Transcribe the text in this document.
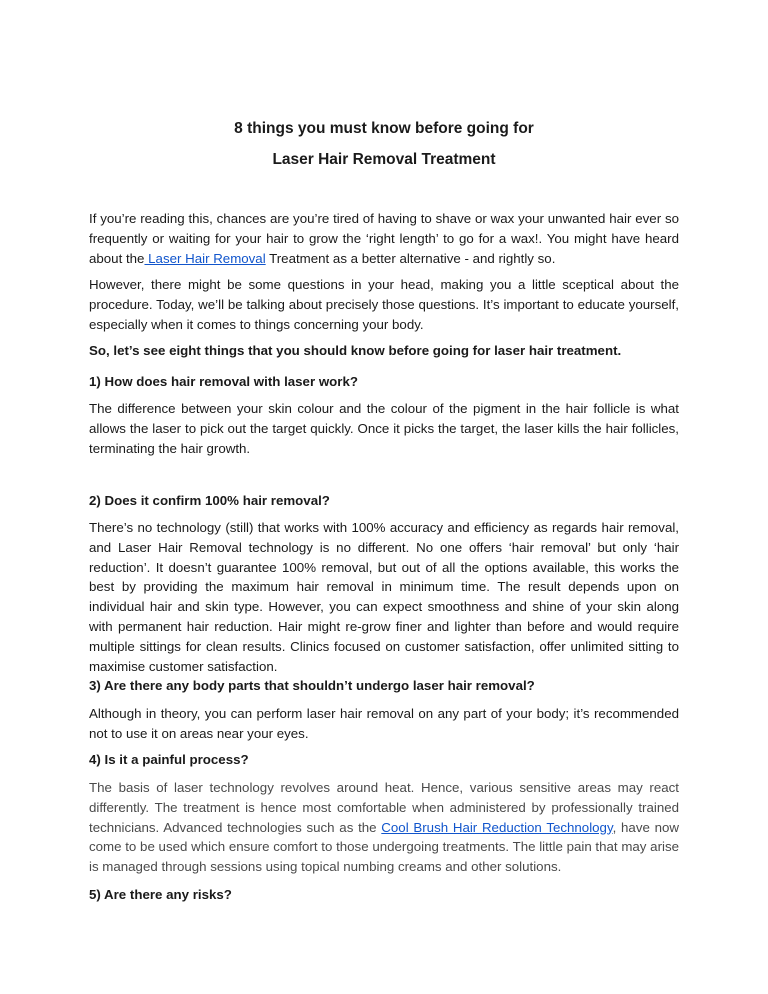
8 things you must know before going for
Laser Hair Removal Treatment

If you’re reading this, chances are you’re tired of having to shave or wax your unwanted hair ever so frequently or waiting for your hair to grow the ‘right length’ to go for a wax!. You might have heard about the Laser Hair Removal Treatment as a better alternative - and rightly so.

However, there might be some questions in your head, making you a little sceptical about the procedure. Today, we’ll be talking about precisely those questions. It’s important to educate yourself, especially when it comes to things concerning your body.

So, let’s see eight things that you should know before going for laser hair treatment.

1) How does hair removal with laser work?

The difference between your skin colour and the colour of the pigment in the hair follicle is what allows the laser to pick out the target quickly. Once it picks the target, the laser kills the hair follicles, terminating the hair growth.

2) Does it confirm 100% hair removal?

There’s no technology (still) that works with 100% accuracy and efficiency as regards hair removal, and Laser Hair Removal technology is no different. No one offers ‘hair removal’ but only ‘hair reduction’. It doesn’t guarantee 100% removal, but out of all the options available, this works the best by providing the maximum hair removal in minimum time. The result depends upon on individual hair and skin type. However, you can expect smoothness and shine of your skin along with permanent hair reduction. Hair might re-grow finer and lighter than before and would require multiple sittings for clean results. Clinics focused on customer satisfaction, offer unlimited sitting to maximise customer satisfaction.

3) Are there any body parts that shouldn’t undergo laser hair removal?

Although in theory, you can perform laser hair removal on any part of your body; it’s recommended not to use it on areas near your eyes.

4) Is it a painful process?

The basis of laser technology revolves around heat. Hence, various sensitive areas may react differently. The treatment is hence most comfortable when administered by professionally trained technicians. Advanced technologies such as the Cool Brush Hair Reduction Technology, have now come to be used which ensure comfort to those undergoing treatments. The little pain that may arise is managed through sessions using topical numbing creams and other solutions.

5) Are there any risks?
